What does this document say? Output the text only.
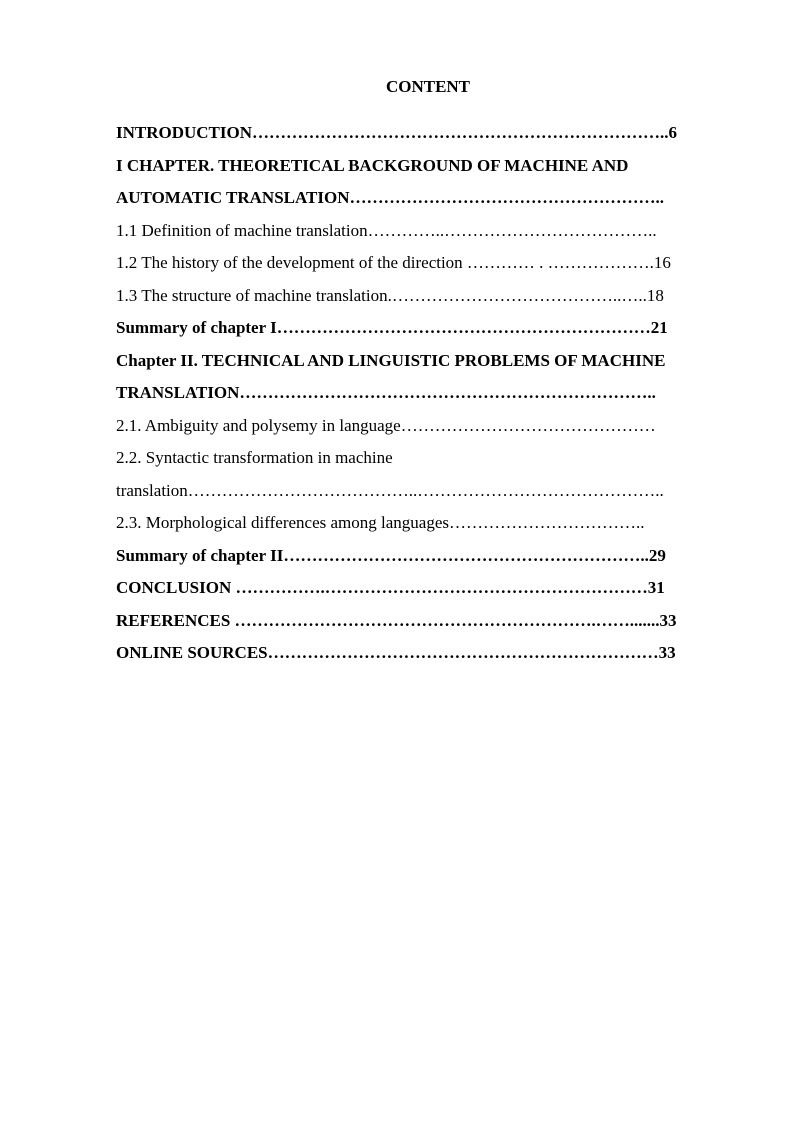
CONTENT
INTRODUCTION………………………………………………………………..6
I CHAPTER. THEORETICAL BACKGROUND OF MACHINE AND
AUTOMATIC TRANSLATION………………………………………………..
1.1 Definition of machine translation…………..………………………………..
1.2 The history of the development of the direction ………… . ……………….16
1.3 The structure of machine translation.…………………………………..…..18
Summary of chapter I…………………………………………………………21
Chapter II. TECHNICAL AND LINGUISTIC PROBLEMS OF MACHINE
TRANSLATION………………………………………………………………..
2.1. Ambiguity and polysemy in language………………………………………
2.2. Syntactic transformation in machine
translation…………………………………..……………………………………..
2.3. Morphological differences among languages……………………………..
Summary of chapter II………………………………………………………..29
CONCLUSION …………….…………………………………………………31
REFERENCES ……………………………………………………….…….......33
ONLINE SOURCES……………………………………………………………33
